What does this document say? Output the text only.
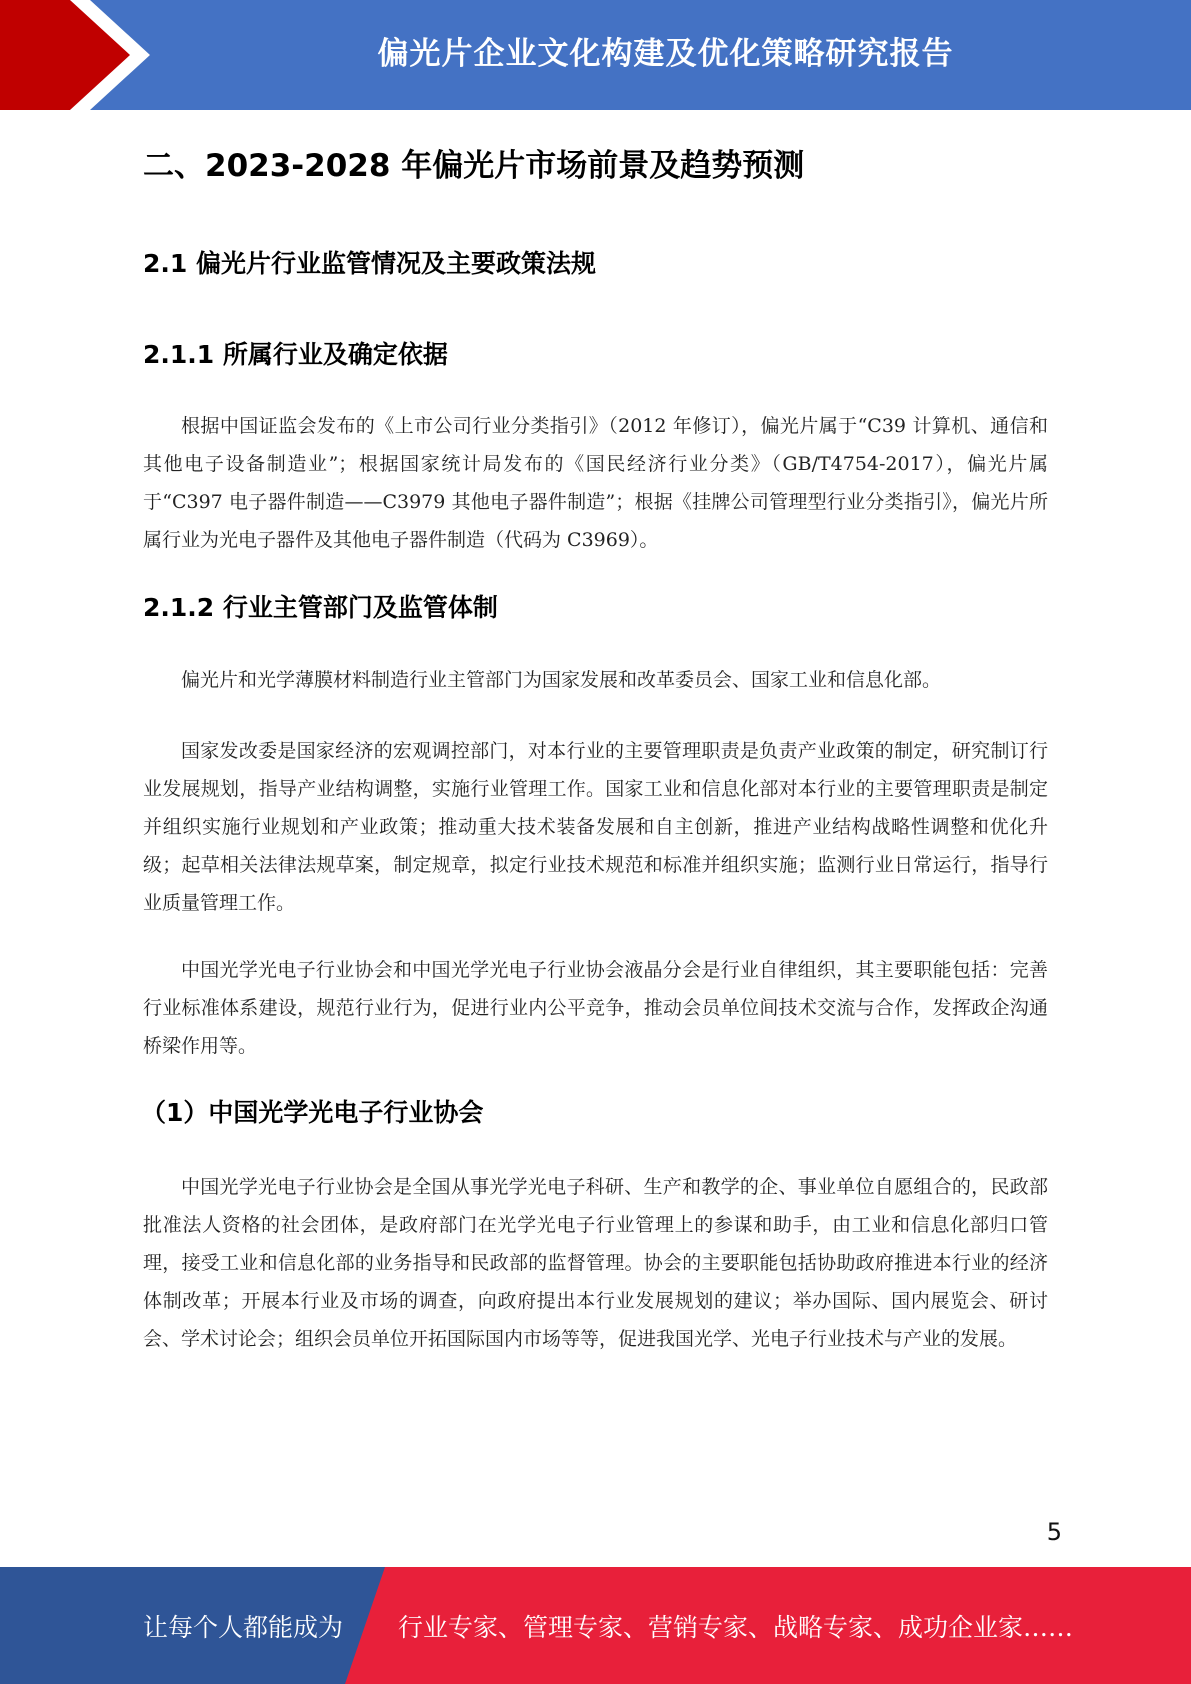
偏光片企业文化构建及优化策略研究报告
二、2023-2028 年偏光片市场前景及趋势预测
2.1 偏光片行业监管情况及主要政策法规
2.1.1 所属行业及确定依据

根据中国证监会发布的《上市公司行业分类指引》（2012 年修订），偏光片属于“C39 计算机、通信和其他电子设备制造业”；根据国家统计局发布的《国民经济行业分类》（GB/T4754-2017），偏光片属于“C397 电子器件制造——C3979 其他电子器件制造”；根据《挂牌公司管理型行业分类指引》，偏光片所属行业为光电子器件及其他电子器件制造（代码为 C3969）。

2.1.2 行业主管部门及监管体制

偏光片和光学薄膜材料制造行业主管部门为国家发展和改革委员会、国家工业和信息化部。

国家发改委是国家经济的宏观调控部门，对本行业的主要管理职责是负责产业政策的制定，研究制订行业发展规划，指导产业结构调整，实施行业管理工作。国家工业和信息化部对本行业的主要管理职责是制定并组织实施行业规划和产业政策；推动重大技术装备发展和自主创新，推进产业结构战略性调整和优化升级；起草相关法律法规草案，制定规章，拟定行业技术规范和标准并组织实施；监测行业日常运行，指导行业质量管理工作。

中国光学光电子行业协会和中国光学光电子行业协会液晶分会是行业自律组织，其主要职能包括：完善行业标准体系建设，规范行业行为，促进行业内公平竞争，推动会员单位间技术交流与合作，发挥政企沟通桥梁作用等。

（1）中国光学光电子行业协会

中国光学光电子行业协会是全国从事光学光电子科研、生产和教学的企、事业单位自愿组合的，民政部批准法人资格的社会团体，是政府部门在光学光电子行业管理上的参谋和助手，由工业和信息化部归口管理，接受工业和信息化部的业务指导和民政部的监督管理。协会的主要职能包括协助政府推进本行业的经济体制改革；开展本行业及市场的调查，向政府提出本行业发展规划的建议；举办国际、国内展览会、研讨会、学术讨论会；组织会员单位开拓国际国内市场等等，促进我国光学、光电子行业技术与产业的发展。

5
让每个人都能成为 行业专家、管理专家、营销专家、战略专家、成功企业家……
